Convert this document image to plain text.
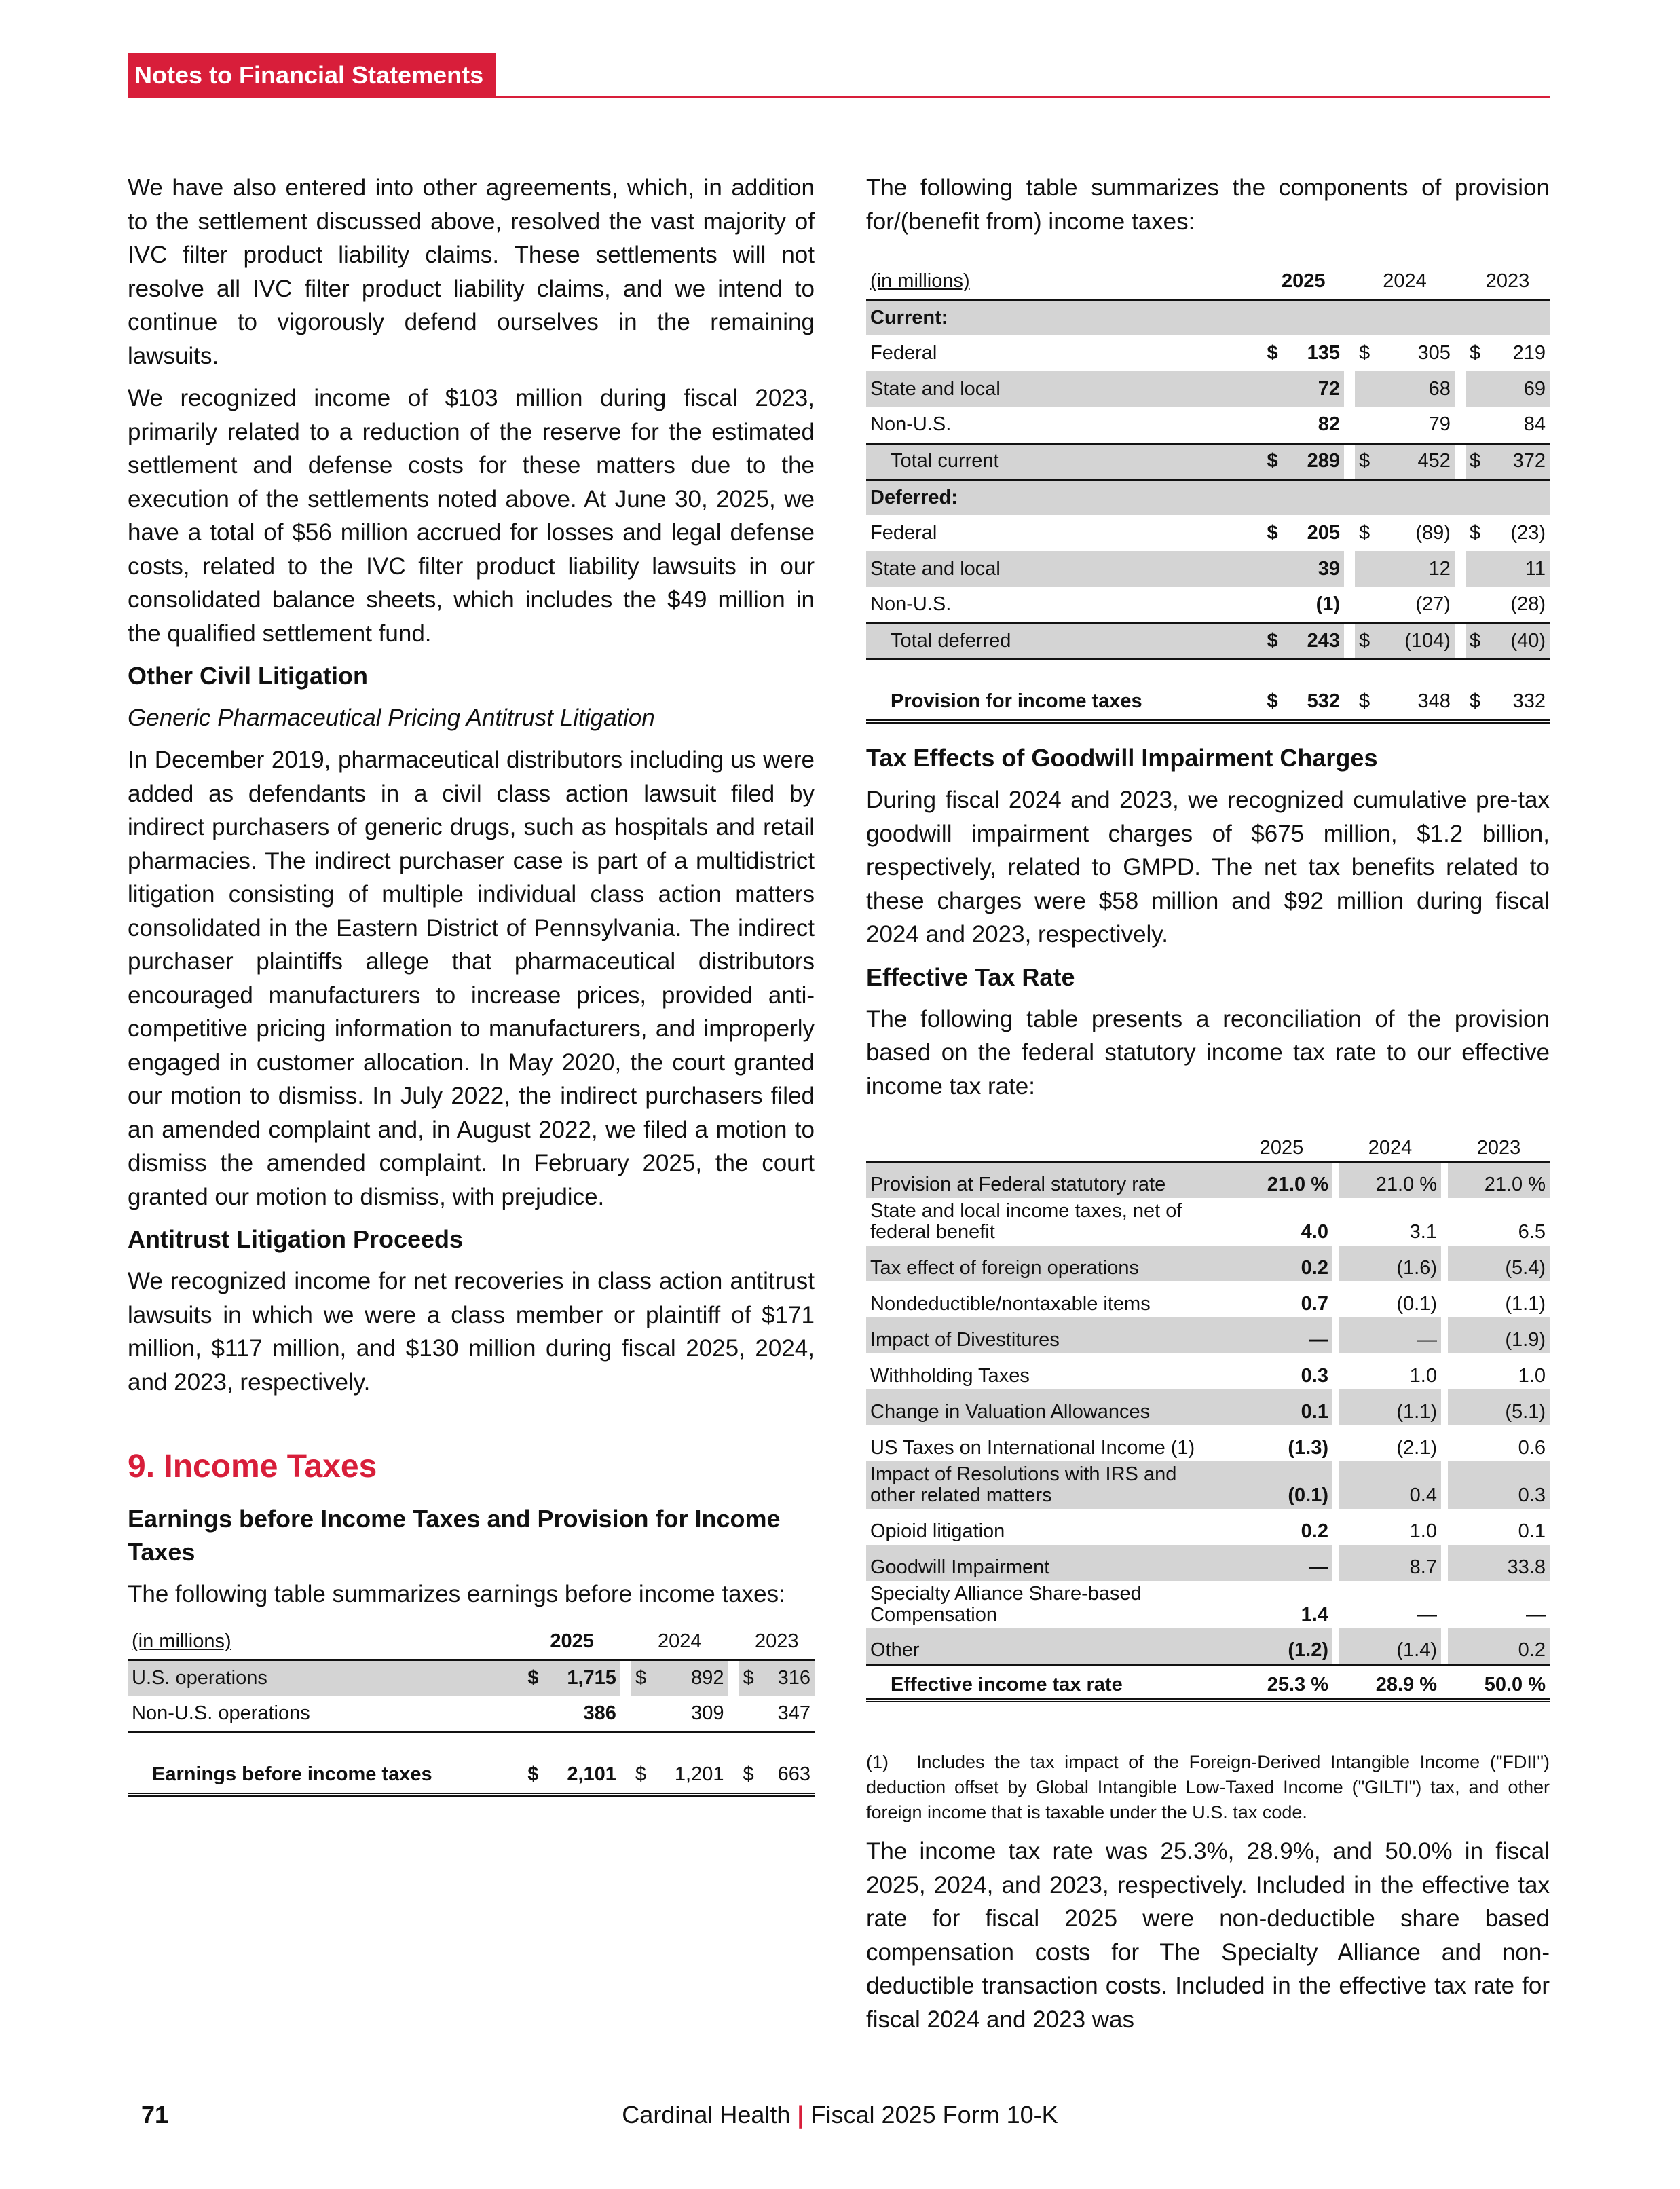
Notes to Financial Statements

We have also entered into other agreements, which, in addition to the settlement discussed above, resolved the vast majority of IVC filter product liability claims. These settlements will not resolve all IVC filter product liability claims, and we intend to continue to vigorously defend ourselves in the remaining lawsuits.

We recognized income of $103 million during fiscal 2023, primarily related to a reduction of the reserve for the estimated settlement and defense costs for these matters due to the execution of the settlements noted above. At June 30, 2025, we have a total of $56 million accrued for losses and legal defense costs, related to the IVC filter product liability lawsuits in our consolidated balance sheets, which includes the $49 million in the qualified settlement fund.

Other Civil Litigation
Generic Pharmaceutical Pricing Antitrust Litigation

In December 2019, pharmaceutical distributors including us were added as defendants in a civil class action lawsuit filed by indirect purchasers of generic drugs, such as hospitals and retail pharmacies. The indirect purchaser case is part of a multidistrict litigation consisting of multiple individual class action matters consolidated in the Eastern District of Pennsylvania. The indirect purchaser plaintiffs allege that pharmaceutical distributors encouraged manufacturers to increase prices, provided anti-competitive pricing information to manufacturers, and improperly engaged in customer allocation. In May 2020, the court granted our motion to dismiss. In July 2022, the indirect purchasers filed an amended complaint and, in August 2022, we filed a motion to dismiss the amended complaint. In February 2025, the court granted our motion to dismiss, with prejudice.

Antitrust Litigation Proceeds

We recognized income for net recoveries in class action antitrust lawsuits in which we were a class member or plaintiff of $171 million, $117 million, and $130 million during fiscal 2025, 2024, and 2023, respectively.

9. Income Taxes
Earnings before Income Taxes and Provision for Income Taxes

The following table summarizes earnings before income taxes:

(in millions)	2025			2024			2023	
U.S. operations	$	1,715		$	892		$	316
Non-U.S. operations		386			309			347

Earnings before income taxes	$	2,101		$	1,201		$	663

The following table summarizes the components of provision for/(benefit from) income taxes:

(in millions)	2025			2024			2023	
Current:								
Federal	$	135		$	305		$	219
State and local		72			68			69
Non-U.S.		82			79			84
Total current	$	289		$	452		$	372
Deferred:								
Federal	$	205		$	(89)		$	(23)
State and local		39			12			11
Non-U.S.		(1)			(27)			(28)
Total deferred	$	243		$	(104)		$	(40)

Provision for income taxes	$	532		$	348		$	332
Tax Effects of Goodwill Impairment Charges

During fiscal 2024 and 2023, we recognized cumulative pre-tax goodwill impairment charges of $675 million, $1.2 billion, respectively, related to GMPD. The net tax benefits related to these charges were $58 million and $92 million during fiscal 2024 and 2023, respectively.

Effective Tax Rate

The following table presents a reconciliation of the provision based on the federal statutory income tax rate to our effective income tax rate:

	2025		2024		2023
Provision at Federal statutory rate	21.0 %		21.0 %		21.0 %
State and local income taxes, net of federal benefit	4.0		3.1		6.5
Tax effect of foreign operations	0.2		(1.6)		(5.4)
Nondeductible/nontaxable items	0.7		(0.1)		(1.1)
Impact of Divestitures	—		—		(1.9)
Withholding Taxes	0.3		1.0		1.0
Change in Valuation Allowances	0.1		(1.1)		(5.1)
US Taxes on International Income (1)	(1.3)		(2.1)		0.6
Impact of Resolutions with IRS and other related matters	(0.1)		0.4		0.3
Opioid litigation	0.2		1.0		0.1
Goodwill Impairment	—		8.7		33.8
Specialty Alliance Share-based Compensation	1.4		—		—
Other	(1.2)		(1.4)		0.2
Effective income tax rate	25.3 %		28.9 %		50.0 %

(1) Includes the tax impact of the Foreign-Derived Intangible Income ("FDII") deduction offset by Global Intangible Low-Taxed Income ("GILTI") tax, and other foreign income that is taxable under the U.S. tax code.

The income tax rate was 25.3%, 28.9%, and 50.0% in fiscal 2025, 2024, and 2023, respectively. Included in the effective tax rate for fiscal 2025 were non-deductible share based compensation costs for The Specialty Alliance and non-deductible transaction costs. Included in the effective tax rate for fiscal 2024 and 2023 was

71	Cardinal Health | Fiscal 2025 Form 10-K
